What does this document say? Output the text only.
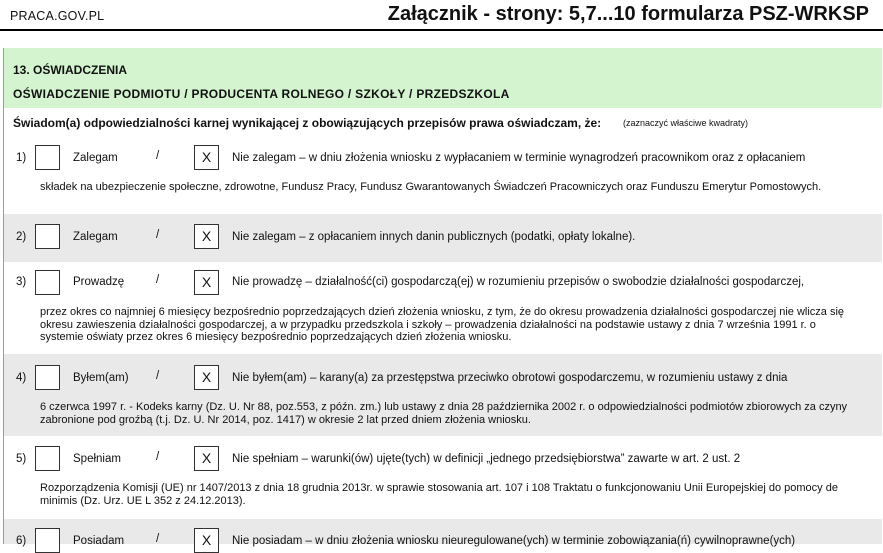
PRACA.GOV.PL	Załącznik - strony: 5,7...10 formularza PSZ-WRKSP
13. OŚWIADCZENIA
OŚWIADCZENIE PODMIOTU / PRODUCENTA ROLNEGO / SZKOŁY / PRZEDSZKOLA
Świadom(a) odpowiedzialności karnej wynikającej z obowiązujących przepisów prawa oświadczam, że: (zaznaczyć właściwe kwadraty)
1)	Zalegam	/	X	Nie zalegam – w dniu złożenia wniosku z wypłacaniem w terminie wynagrodzeń pracownikom oraz z opłacaniem
składek na ubezpieczenie społeczne, zdrowotne, Fundusz Pracy, Fundusz Gwarantowanych Świadczeń Pracowniczych oraz Funduszu Emerytur Pomostowych.
2)	Zalegam	/	X	Nie zalegam – z opłacaniem innych danin publicznych (podatki, opłaty lokalne).
3)	Prowadzę	/	X	Nie prowadzę – działalność(ci) gospodarczą(ej) w rozumieniu przepisów o swobodzie działalności gospodarczej,
przez okres co najmniej 6 miesięcy bezpośrednio poprzedzających dzień złożenia wniosku, z tym, że do okresu prowadzenia działalności gospodarczej nie wlicza się okresu zawieszenia działalności gospodarczej, a w przypadku przedszkola i szkoły – prowadzenia działalności na podstawie ustawy z dnia 7 września 1991 r. o systemie oświaty przez okres 6 miesięcy bezpośrednio poprzedzających dzień złożenia wniosku.
4)	Byłem(am) /	X	Nie byłem(am) – karany(a) za przestępstwa przeciwko obrotowi gospodarczemu, w rozumieniu ustawy z dnia
6 czerwca 1997 r. - Kodeks karny (Dz. U. Nr 88, poz.553, z późn. zm.) lub ustawy z dnia 28 października 2002 r. o odpowiedzialności podmiotów zbiorowych za czyny zabronione pod groźbą (t.j. Dz. U. Nr 2014, poz. 1417) w okresie 2 lat przed dniem złożenia wniosku.
5)	Spełniam	/	X	Nie spełniam – warunki(ów) ujęte(tych) w definicji „jednego przedsiębiorstwa” zawarte w art. 2 ust. 2
Rozporządzenia Komisji (UE) nr 1407/2013 z dnia 18 grudnia 2013r. w sprawie stosowania art. 107 i 108 Traktatu o funkcjonowaniu Unii Europejskiej do pomocy de minimis (Dz. Urz. UE L 352 z 24.12.2013).
6)	Posiadam	/	X	Nie posiadam – w dniu złożenia wniosku nieuregulowane(ych) w terminie zobowiązania(ń) cywilnoprawne(ych)
